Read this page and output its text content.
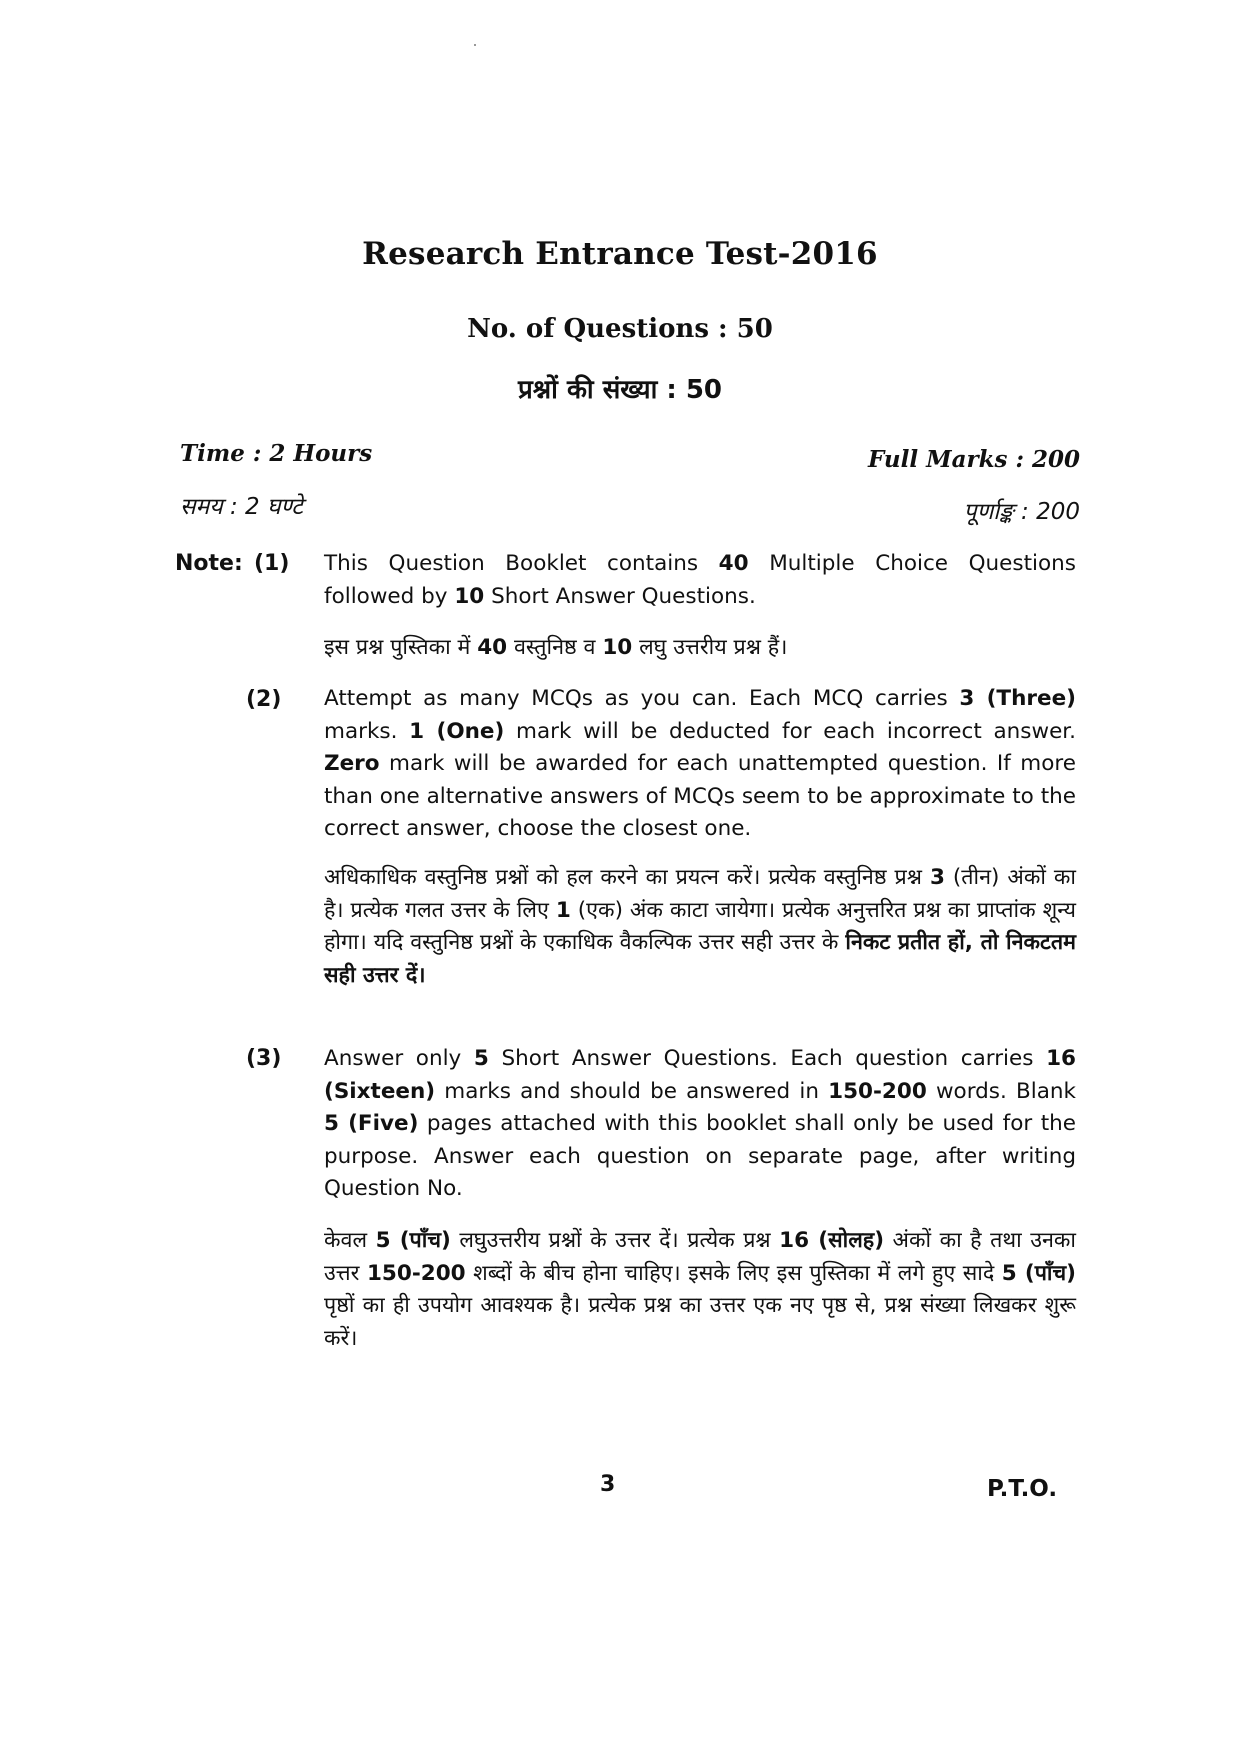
Research Entrance Test-2016
No. of Questions : 50
प्रश्नों की संख्या : 50
Time : 2 Hours
समय : 2 घण्टे
Full Marks : 200
पूर्णाङ्क : 200
Note: (1) This Question Booklet contains 40 Multiple Choice Questions followed by 10 Short Answer Questions.
इस प्रश्न पुस्तिका में 40 वस्तुनिष्ठ व 10 लघु उत्तरीय प्रश्न हैं।
(2) Attempt as many MCQs as you can. Each MCQ carries 3 (Three) marks. 1 (One) mark will be deducted for each incorrect answer. Zero mark will be awarded for each unattempted question. If more than one alternative answers of MCQs seem to be approximate to the correct answer, choose the closest one.
अधिकाधिक वस्तुनिष्ठ प्रश्नों को हल करने का प्रयत्न करें। प्रत्येक वस्तुनिष्ठ प्रश्न 3 (तीन) अंकों का है। प्रत्येक गलत उत्तर के लिए 1 (एक) अंक काटा जायेगा। प्रत्येक अनुत्तरित प्रश्न का प्राप्तांक शून्य होगा। यदि वस्तुनिष्ठ प्रश्नों के एकाधिक वैकल्पिक उत्तर सही उत्तर के निकट प्रतीत हों, तो निकटतम सही उत्तर दें।
(3) Answer only 5 Short Answer Questions. Each question carries 16 (Sixteen) marks and should be answered in 150-200 words. Blank 5 (Five) pages attached with this booklet shall only be used for the purpose. Answer each question on separate page, after writing Question No.
केवल 5 (पाँच) लघुउत्तरीय प्रश्नों के उत्तर दें। प्रत्येक प्रश्न 16 (सोलह) अंकों का है तथा उनका उत्तर 150-200 शब्दों के बीच होना चाहिए। इसके लिए इस पुस्तिका में लगे हुए सादे 5 (पाँच) पृष्ठों का ही उपयोग आवश्यक है। प्रत्येक प्रश्न का उत्तर एक नए पृष्ठ से, प्रश्न संख्या लिखकर शुरू करें।
3	P.T.O.
